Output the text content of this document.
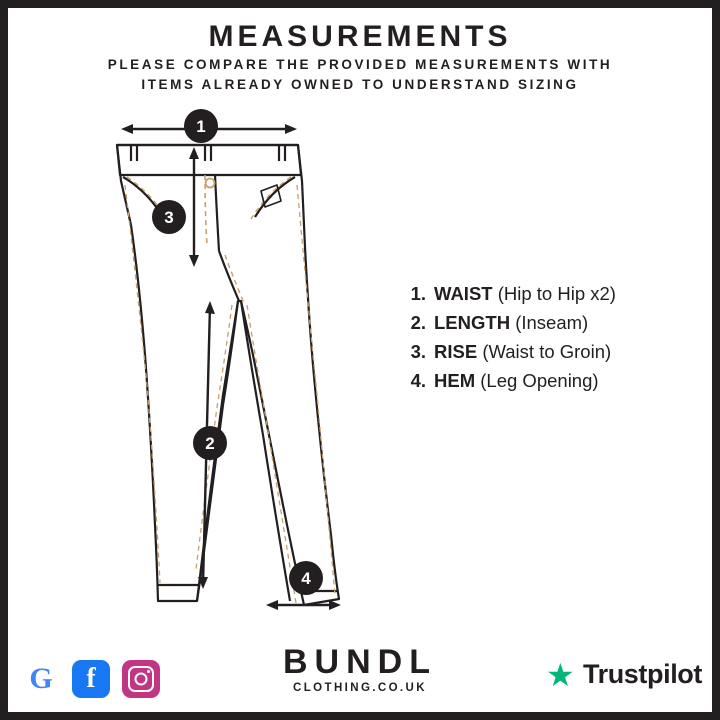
MEASUREMENTS
PLEASE COMPARE THE PROVIDED MEASUREMENTS WITH
ITEMS ALREADY OWNED TO UNDERSTAND SIZING
1
3
2
4
1. WAIST (Hip to Hip x2)
2. LENGTH (Inseam)
3. RISE (Waist to Groin)
4. HEM (Leg Opening)
G f	BUNDL
CLOTHING.CO.UK	★ Trustpilot
